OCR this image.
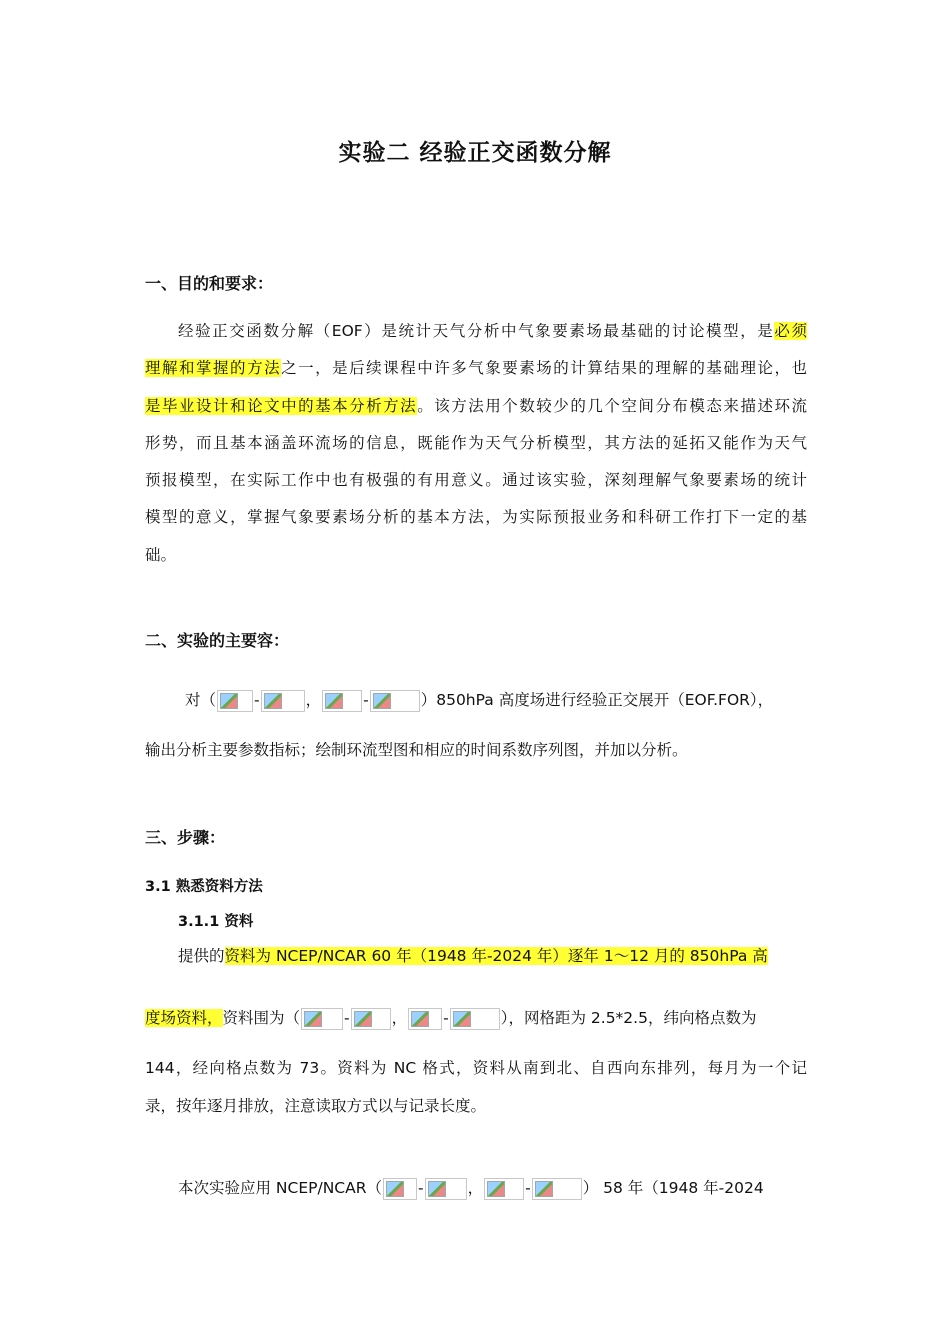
实验二 经验正交函数分解
一、目的和要求：
经验正交函数分解（EOF）是统计天气分析中气象要素场最基础的讨论模型，是必须
理解和掌握的方法之一，是后续课程中许多气象要素场的计算结果的理解的基础理论，也
是毕业设计和论文中的基本分析方法。该方法用个数较少的几个空间分布模态来描述环流
形势，而且基本涵盖环流场的信息，既能作为天气分析模型，其方法的延拓又能作为天气
预报模型，在实际工作中也有极强的有用意义。通过该实验，深刻理解气象要素场的统计
模型的意义，掌握气象要素场分析的基本方法，为实际预报业务和科研工作打下一定的基
础。
二、实验的主要容：
对（ -	，	-	）850hPa 高度场进行经验正交展开（EOF.FOR），
输出分析主要参数指标；绘制环流型图和相应的时间系数序列图，并加以分析。
三、步骤：
3.1 熟悉资料方法
3.1.1 资料
提供的资料为 NCEP/NCAR 60 年（1948 年-2024 年）逐年 1～12 月的 850hPa 高
度场资料，资料围为（	-	， -	），网格距为 2.5*2.5，纬向格点数为
144，经向格点数为 73。资料为 NC 格式，资料从南到北、自西向东排列，每月为一个记
录，按年逐月排放，注意读取方式以与记录长度。
本次实验应用 NCEP/NCAR（ -	，	-	） 58 年（1948 年-2024
